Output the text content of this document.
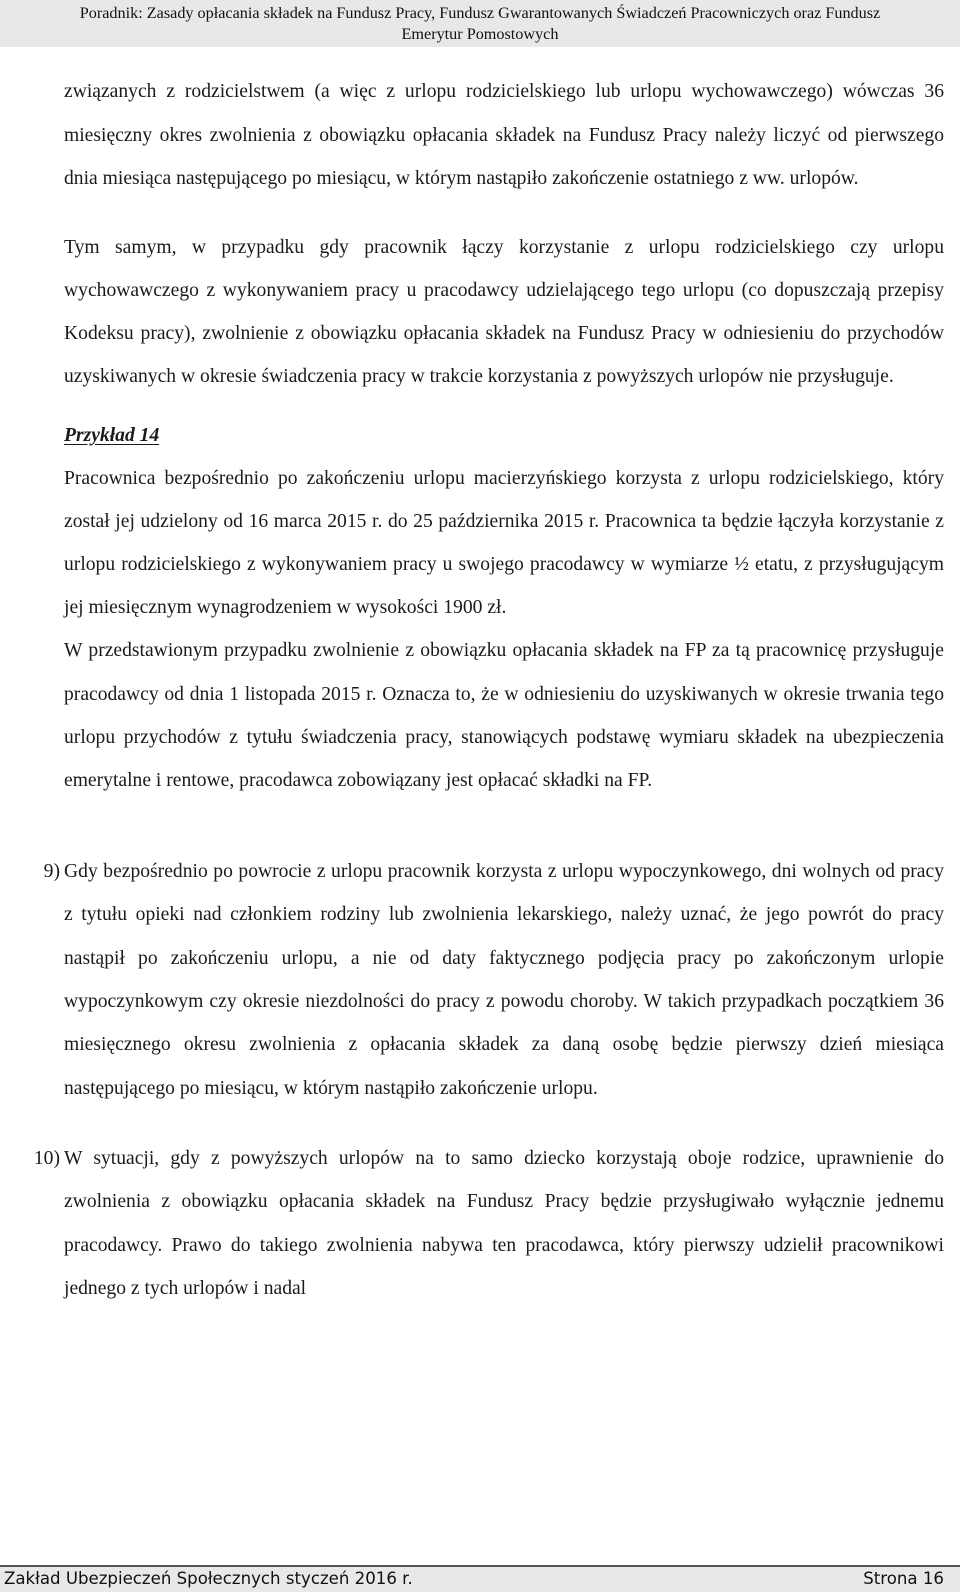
Poradnik: Zasady opłacania składek na Fundusz Pracy, Fundusz Gwarantowanych Świadczeń Pracowniczych oraz Fundusz
Emerytur Pomostowych

związanych z rodzicielstwem (a więc z urlopu rodzicielskiego lub urlopu wychowawczego) wówczas 36 miesięczny okres zwolnienia z obowiązku opłacania składek na Fundusz Pracy należy liczyć od pierwszego dnia miesiąca następującego po miesiącu, w którym nastąpiło zakończenie ostatniego z ww. urlopów.

Tym samym, w przypadku gdy pracownik łączy korzystanie z urlopu rodzicielskiego czy urlopu wychowawczego z wykonywaniem pracy u pracodawcy udzielającego tego urlopu (co dopuszczają przepisy Kodeksu pracy), zwolnienie z obowiązku opłacania składek na Fundusz Pracy w odniesieniu do przychodów uzyskiwanych w okresie świadczenia pracy w trakcie korzystania z powyższych urlopów nie przysługuje.

Przykład 14

Pracownica bezpośrednio po zakończeniu urlopu macierzyńskiego korzysta z urlopu rodzicielskiego, który został jej udzielony od 16 marca 2015 r. do 25 października 2015 r. Pracownica ta będzie łączyła korzystanie z urlopu rodzicielskiego z wykonywaniem pracy u swojego pracodawcy w wymiarze ½ etatu, z przysługującym jej miesięcznym wynagrodzeniem w wysokości 1900 zł.

W przedstawionym przypadku zwolnienie z obowiązku opłacania składek na FP za tą pracownicę przysługuje pracodawcy od dnia 1 listopada 2015 r. Oznacza to, że w odniesieniu do uzyskiwanych w okresie trwania tego urlopu przychodów z tytułu świadczenia pracy, stanowiących podstawę wymiaru składek na ubezpieczenia emerytalne i rentowe, pracodawca zobowiązany jest opłacać składki na FP.

9) Gdy bezpośrednio po powrocie z urlopu pracownik korzysta z urlopu wypoczynkowego, dni wolnych od pracy z tytułu opieki nad członkiem rodziny lub zwolnienia lekarskiego, należy uznać, że jego powrót do pracy nastąpił po zakończeniu urlopu, a nie od daty faktycznego podjęcia pracy po zakończonym urlopie wypoczynkowym czy okresie niezdolności do pracy z powodu choroby. W takich przypadkach początkiem 36 miesięcznego okresu zwolnienia z opłacania składek za daną osobę będzie pierwszy dzień miesiąca następującego po miesiącu, w którym nastąpiło zakończenie urlopu.
10) W sytuacji, gdy z powyższych urlopów na to samo dziecko korzystają oboje rodzice, uprawnienie do zwolnienia z obowiązku opłacania składek na Fundusz Pracy będzie przysługiwało wyłącznie jednemu pracodawcy. Prawo do takiego zwolnienia nabywa ten pracodawca, który pierwszy udzielił pracownikowi jednego z tych urlopów i nadal
Zakład Ubezpieczeń Społecznych styczeń 2016 r.	Strona 16
